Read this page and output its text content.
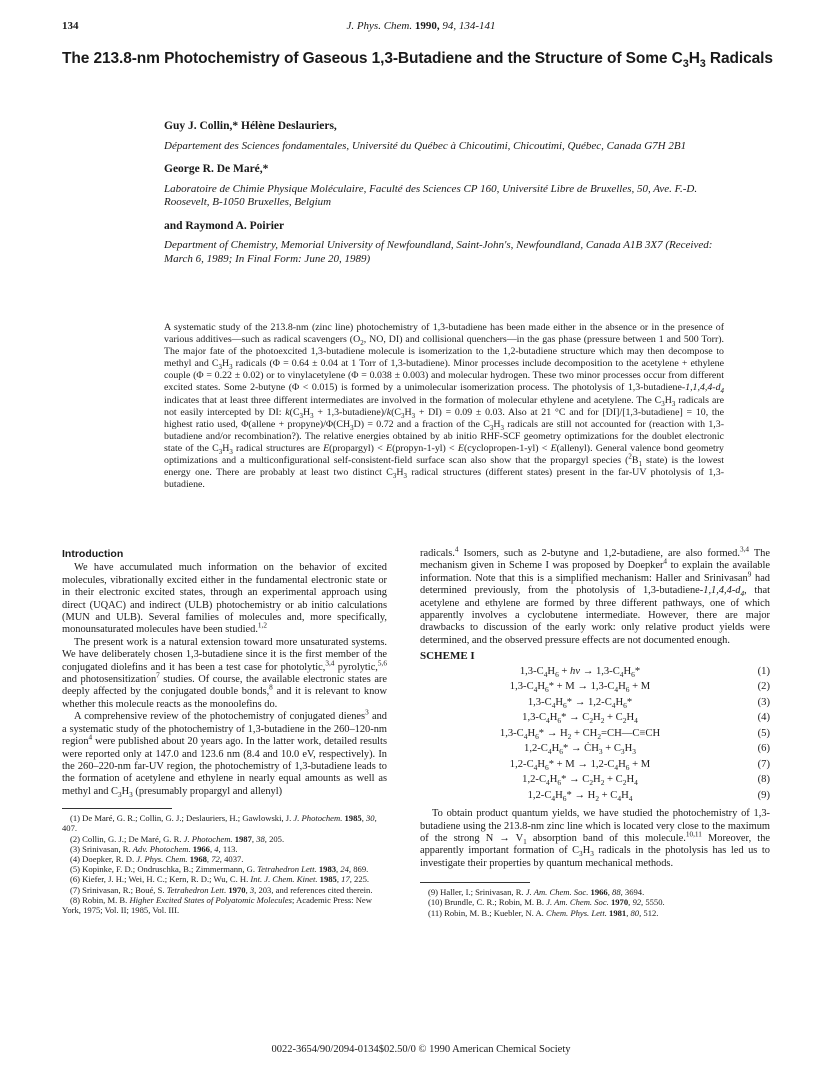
134	J. Phys. Chem. 1990, 94, 134-141
The 213.8-nm Photochemistry of Gaseous 1,3-Butadiene and the Structure of Some $C_3H_3$ Radicals
Guy J. Collin,* Hélène Deslauriers,
Département des Sciences fondamentales, Université du Québec à Chicoutimi, Chicoutimi, Québec, Canada G7H 2B1
George R. De Maré,*
Laboratoire de Chimie Physique Moléculaire, Faculté des Sciences CP 160, Université Libre de Bruxelles, 50, Ave. F.-D. Roosevelt, B-1050 Bruxelles, Belgium
and Raymond A. Poirier
Department of Chemistry, Memorial University of Newfoundland, Saint-John's, Newfoundland, Canada A1B 3X7 (Received: March 6, 1989; In Final Form: June 20, 1989)

A systematic study of the 213.8-nm (zinc line) photochemistry of 1,3-butadiene has been made either in the absence or in the presence of various additives—such as radical scavengers ($O_2$, NO, DI) and collisional quenchers—in the gas phase (pressure between 1 and 500 Torr). The major fate of the photoexcited 1,3-butadiene molecule is isomerization to the 1,2-butadiene structure which may then decompose to methyl and $C_3H_3$ radicals (Φ = 0.64 ± 0.04 at 1 Torr of 1,3-butadiene). Minor processes include decomposition to the acetylene + ethylene couple (Φ = 0.22 ± 0.02) or to vinylacetylene (Φ = 0.038 ± 0.003) and molecular hydrogen. These two minor processes occur from different excited states. Some 2-butyne (Φ < 0.015) is formed by a unimolecular isomerization process. The photolysis of $1,3-butadiene-1,1,4,4-d_4$ indicates that at least three different intermediates are involved in the formation of molecular ethylene and acetylene. The $C_3H_3$ radicals are not easily intercepted by DI: $k(C_3H_3$ + $1,3-butadiene)/k(C_3H_3 + DI) = 0.09 \pm 0.03$. Also at 21 °C and for [DI]/[1,3-butadiene] = 10, the highest ratio used, Φ(allene + $propyne)/\Phi(CH_3D) = 0.72$ and a fraction of the $C_3H_3$ radicals are still not accounted for (reaction with 1,3-butadiene and/or recombination?). The relative energies obtained by ab initio RHF-SCF geometry optimizations for the doublet electronic state of the $C_3H_3$ radical structures are E(propargyl) < E(propyn-1-yl) < E(cyclopropen-1-yl) < E(allenyl). General valence bond geometry optimizations and a multiconfigurational self-consistent-field surface scan also show that the propargyl species ($^2B_1$ state) is the lowest energy one. There are probably at least two distinct $C_3H_3$ radical structures (different states) present in the far-UV photolysis of 1,3-butadiene.

Introduction

We have accumulated much information on the behavior of excited molecules, vibrationally excited either in the fundamental electronic state or in their electronic excited states, through an experimental approach using direct (UQAC) and indirect (ULB) photochemistry or ab initio calculations (MUN and ULB). Several families of molecules and, more specifically, monounsaturated molecules have been studied.$^{1,2}$

The present work is a natural extension toward more unsaturated systems. We have deliberately chosen 1,3-butadiene since it is the first member of the conjugated diolefins and it has been a test case for photolytic,$^{3,4}$ pyrolytic,$^{5,6}$ and photosensitization$^7$ studies. Of course, the available electronic states are deeply affected by the conjugated double bonds,$^8$ and it is relevant to know whether this molecule reacts as the monoolefins do.

A comprehensive review of the photochemistry of conjugated dienes$^3$ and a systematic study of the photochemistry of 1,3-butadiene in the 260–120-nm region$^4$ were published about 20 years ago. In the latter work, detailed results were reported only at 147.0 and 123.6 nm (8.4 and 10.0 eV, respectively). In the 260–220-nm far-UV region, the photochemistry of 1,3-butadiene leads to the formation of acetylene and ethylene in nearly equal amounts as well as methyl and $C_3H_3$ (presumably propargyl and allenyl)

(1) De Maré, G. R.; Collin, G. J.; Deslauriers, H.; Gawlowski, J. J. Photochem. 1985, 30, 407.
(2) Collin, G. J.; De Maré, G. R. J. Photochem. 1987, 38, 205.
(3) Srinivasan, R. Adv. Photochem. 1966, 4, 113.
(4) Doepker, R. D. J. Phys. Chem. 1968, 72, 4037.
(5) Kopinke, F. D.; Ondruschka, B.; Zimmermann, G. Tetrahedron Lett. 1983, 24, 869.
(6) Kiefer, J. H.; Wei, H. C.; Kern, R. D.; Wu, C. H. Int. J. Chem. Kinet. 1985, 17, 225.
(7) Srinivasan, R.; Boué, S. Tetrahedron Lett. 1970, 3, 203, and references cited therein.
(8) Robin, M. B. Higher Excited States of Polyatomic Molecules; Academic Press: New York, 1975; Vol. II; 1985, Vol. III.

radicals.$^4$ Isomers, such as 2-butyne and 1,2-butadiene, are also formed.$^{3,4}$ The mechanism given in Scheme I was proposed by Doepker$^4$ to explain the available information. Note that this is a simplified mechanism: Haller and Srinivasan$^9$ had determined previously, from the photolysis of $1,3-butadiene-1,1,4,4-d_4$, that acetylene and ethylene are formed by three different pathways, one of which apparently involves a cyclobutene intermediate. However, there are major drawbacks to discussion of the early work: only relative product yields were determined, and the observed pressure effects are not documented enough.

SCHEME I
$1,3-C_4H_6 + h\nu \to 1,3-C_4H_6*$	(1)
$1,3-C_4H_6* + M \to 1,3-C_4H_6 + M$	(2)
$1,3-C_4H_6* \to 1,2-C_4H_6*$	(3)
$1,3-C_4H_6* \to C_2H_2 + C_2H_4$	(4)
$1,3-C_4H_6* \to H_2$ + $CH_2=CH—C\equiv CH$	(5)
$1,2-C_4H_6*$ → $ĊH_3 + C_3H_3$	(6)
$1,2-C_4H_6* + M \to 1,2-C_4H_6 + M$	(7)
$1,2-C_4H_6* \to C_2H_2 + C_2H_4$	(8)
$1,2-C_4H_6* \to H_2 + C_4H_4$	(9)

To obtain product quantum yields, we have studied the photochemistry of 1,3-butadiene using the 213.8-nm zinc line which is located very close to the maximum of the strong $N \to V_1$ absorption band of this molecule.$^{10,11}$ Moreover, the apparently important formation of $C_3H_3$ radicals in the photolysis has led us to investigate their properties by quantum mechanical methods.

(9) Haller, I.; Srinivasan, R. J. Am. Chem. Soc. 1966, 88, 3694.
(10) Brundle, C. R.; Robin, M. B. J. Am. Chem. Soc. 1970, 92, 5550.
(11) Robin, M. B.; Kuebler, N. A. Chem. Phys. Lett. 1981, 80, 512.
0022-3654/90/2094-0134$02.50/0 © 1990 American Chemical Society
